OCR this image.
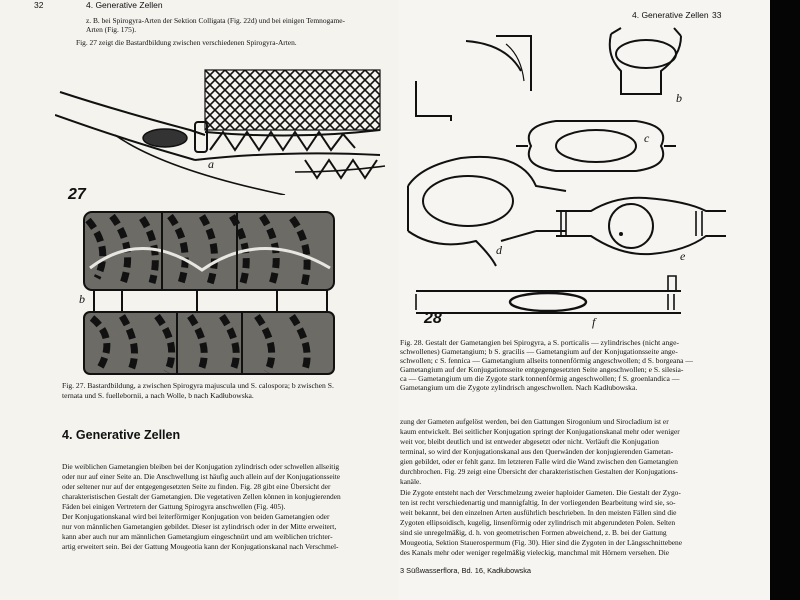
32	4. Generative Zellen
z. B. bei Spirogyra-Arten der Sektion Colligata (Fig. 22d) und bei einigen Temnogame-
Arten (Fig. 175).
Fig. 27 zeigt die Bastardbildung zwischen verschiedenen Spirogyra-Arten.
a
27
b
Fig. 27. Bastardbildung, a zwischen Spirogyra majuscula und S. calospora; b zwischen S.
ternata und S. fuellebornii, a nach Wolle, b nach Kadłubowska.
4. Generative Zellen
Die weiblichen Gametangien bleiben bei der Konjugation zylindrisch oder schwellen allseitig
oder nur auf einer Seite an. Die Anschwellung ist häufig auch allein auf der Konjugationsseite
oder seltener nur auf der entgegengesetzten Seite zu finden. Fig. 28 gibt eine Übersicht der
charakteristischen Gestalt der Gametangien. Die vegetativen Zellen können in konjugierenden
Fäden bei einigen Vertretern der Gattung Spirogyra anschwellen (Fig. 405).
Der Konjugationskanal wird bei leiterförmiger Konjugation von beiden Gametangien oder
nur von männlichen Gametangien gebildet. Dieser ist zylindrisch oder in der Mitte erweitert,
kann aber auch nur am männlichen Gametangium eingeschnürt und am weiblichen trichter-
artig erweitert sein. Bei der Gattung Mougeotia kann der Konjugationskanal nach Verschmel-
4. Generative Zellen 33
b
c
d	e
f
28
Fig. 28. Gestalt der Gametangien bei Spirogyra, a S. porticalis — zylindrisches (nicht ange-
schwollenes) Gametangium; b S. gracilis — Gametangium auf der Konjugationsseite ange-
schwollen; c S. fennica — Gametangium allseits tonnenförmig angeschwollen; d S. borgeana —
Gametangium auf der Konjugationsseite entgegengesetzten Seite angeschwollen; e S. silesia-
ca — Gametangium um die Zygote stark tonnenförmig angeschwollen; f S. groenlandica —
Gametangium um die Zygote zylindrisch angeschwollen. Nach Kadłubowska.
zung der Gameten aufgelöst werden, bei den Gattungen Sirogonium und Sirocladium ist er
kaum entwickelt. Bei seitlicher Konjugation springt der Konjugationskanal mehr oder weniger
weit vor, bleibt deutlich und ist entweder abgesetzt oder nicht. Verläuft die Konjugation
terminal, so wird der Konjugationskanal aus den Querwänden der konjugierenden Gametan-
gien gebildet, oder er fehlt ganz. Im letzteren Falle wird die Wand zwischen den Gametangien
durchbrochen. Fig. 29 zeigt eine Übersicht der charakteristischen Gestalten der Konjugations-
kanäle.
Die Zygote entsteht nach der Verschmelzung zweier haploider Gameten. Die Gestalt der Zygo-
ten ist recht verschiedenartig und mannigfaltig. In der vorliegenden Bearbeitung wird sie, so-
weit bekannt, bei den einzelnen Arten ausführlich beschrieben. In den meisten Fällen sind die
Zygoten ellipsoidisch, kugelig, linsenförmig oder zylindrisch mit abgerundeten Polen. Selten
sind sie unregelmäßig, d. h. von geometrischen Formen abweichend, z. B. bei der Gattung
Mougeotia, Sektion Stauerospermum (Fig. 30). Hier sind die Zygoten in der Längsschnittebene
des Kanals mehr oder weniger regelmäßig vieleckig, manchmal mit Hörnern versehen. Die
3 Süßwasserflora, Bd. 16, Kadłubowska
